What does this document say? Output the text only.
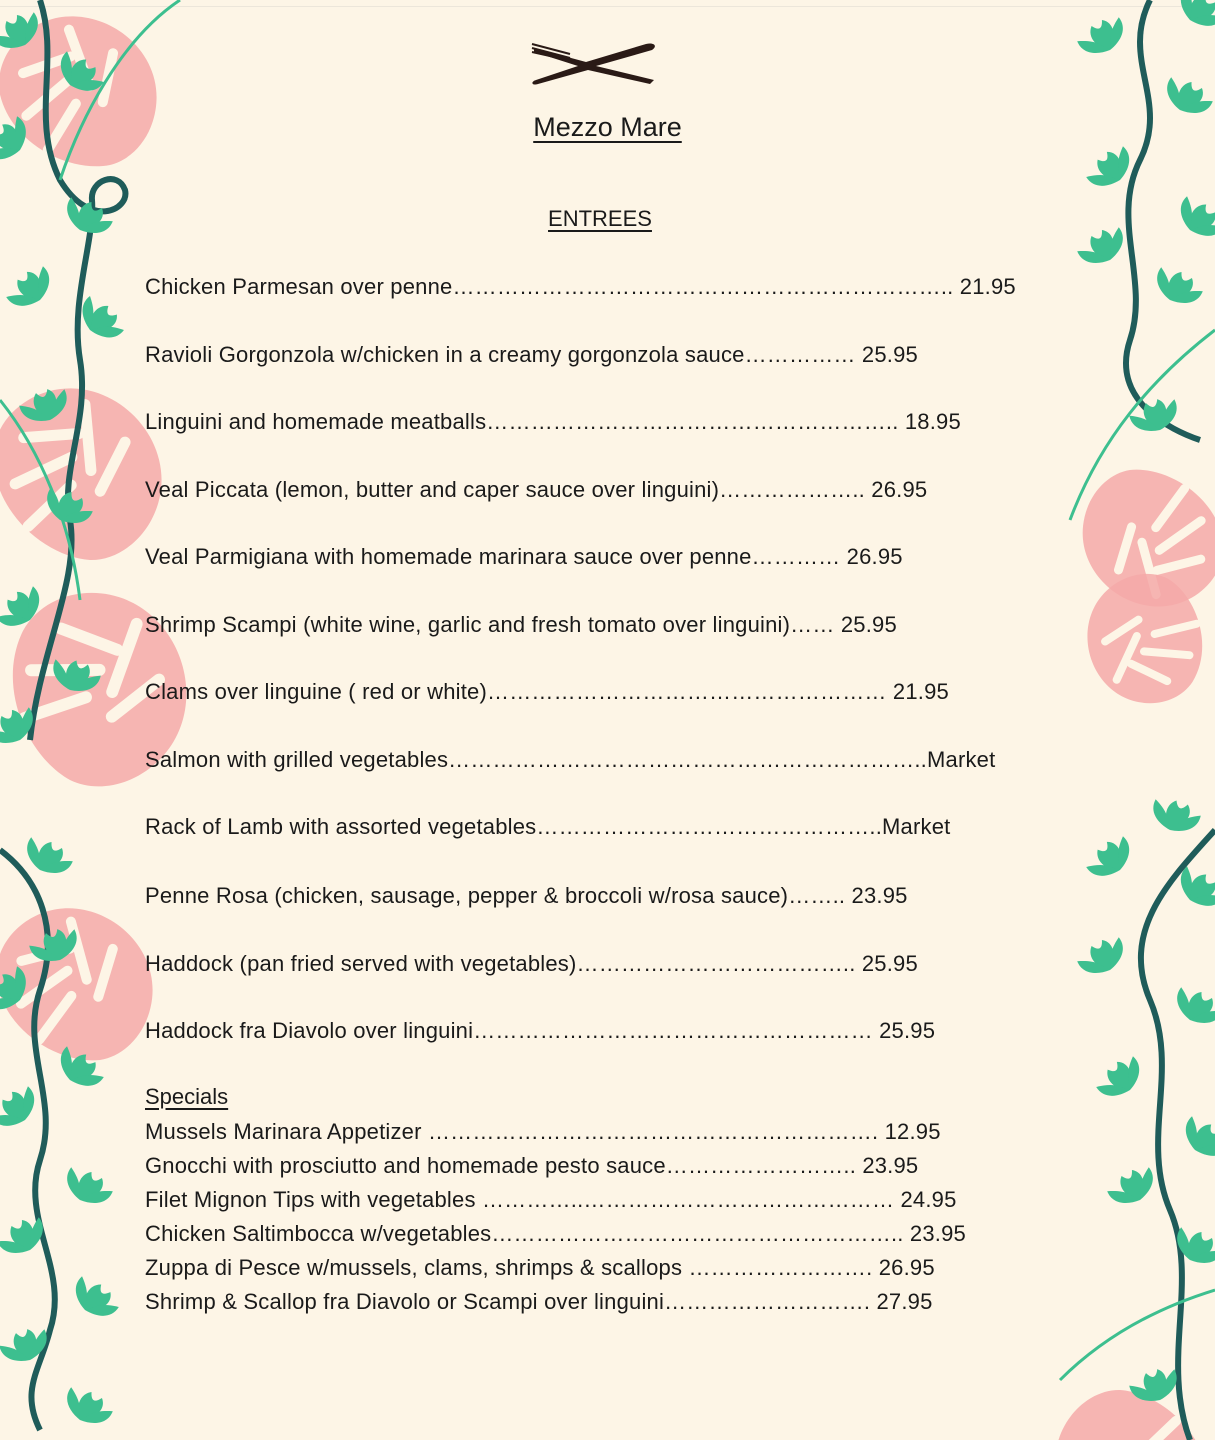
Mezzo Mare
ENTREES
Chicken Parmesan over penne………………………………………………………….. 21.95
Ravioli Gorgonzola w/chicken in a creamy gorgonzola sauce…………… 25.95
Linguini and homemade meatballs……………………………………………….. 18.95
Veal Piccata (lemon, butter and caper sauce over linguini)……………….. 26.95
Veal Parmigiana with homemade marinara sauce over penne………… 26.95
Shrimp Scampi (white wine, garlic and fresh tomato over linguini)…… 25.95
Clams over linguine ( red or white)……………………………………………… 21.95
Salmon with grilled vegetables………………………………………………………..Market
Rack of Lamb with assorted vegetables………………………………………..Market
Penne Rosa (chicken, sausage, pepper & broccoli w/rosa sauce)…….. 23.95
Haddock (pan fried served with vegetables)……………………………….. 25.95
Haddock fra Diavolo over linguini……………………………………………… 25.95
Specials
Mussels Marinara Appetizer ……………………………………………………. 12.95
Gnocchi with prosciutto and homemade pesto sauce…………………….. 23.95
Filet Mignon Tips with vegetables …………..…………………………………… 24.95
Chicken Saltimbocca w/vegetables……………………………………………….. 23.95
Zuppa di Pesce w/mussels, clams, shrimps & scallops ……………………. 26.95
Shrimp & Scallop fra Diavolo or Scampi over linguini………………………. 27.95
